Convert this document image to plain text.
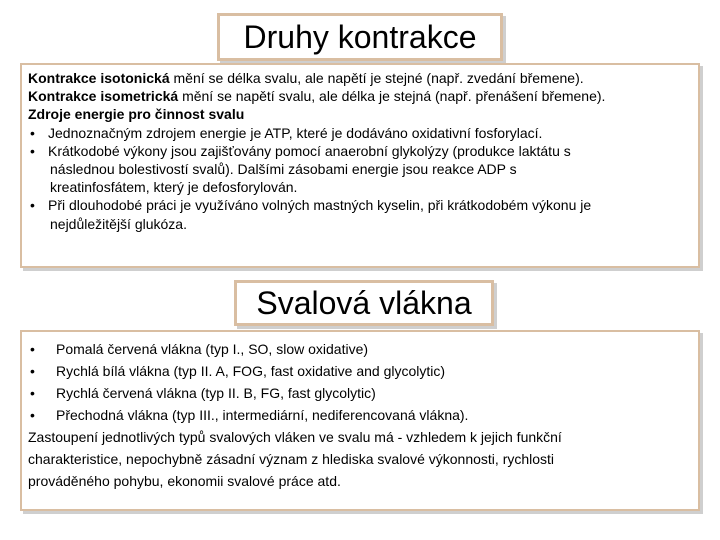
Druhy kontrakce
Kontrakce isotonická mění se délka svalu, ale napětí je stejné (např. zvedání břemene).
Kontrakce isometrická mění se napětí svalu, ale délka je stejná (např. přenášení břemene).
Zdroje energie pro činnost svalu
• Jednoznačným zdrojem energie je ATP, které je dodáváno oxidativní fosforylací.
• Krátkodobé výkony jsou zajišťovány pomocí anaerobní glykolýzy (produkce laktátu s
následnou bolestivostí svalů). Dalšími zásobami energie jsou reakce ADP s
kreatinfosfátem, který je defosforylován.
• Při dlouhodobé práci je využíváno volných mastných kyselin, při krátkodobém výkonu je
nejdůležitější glukóza.
Svalová vlákna
•	Pomalá červená vlákna (typ I., SO, slow oxidative)
•	Rychlá bílá vlákna (typ II. A, FOG, fast oxidative and glycolytic)
•	Rychlá červená vlákna (typ II. B, FG, fast glycolytic)
•	Přechodná vlákna (typ III., intermediární, nediferencovaná vlákna).
Zastoupení jednotlivých typů svalových vláken ve svalu má - vzhledem k jejich funkční
charakteristice, nepochybně zásadní význam z hlediska svalové výkonnosti, rychlosti
prováděného pohybu, ekonomii svalové práce atd.
